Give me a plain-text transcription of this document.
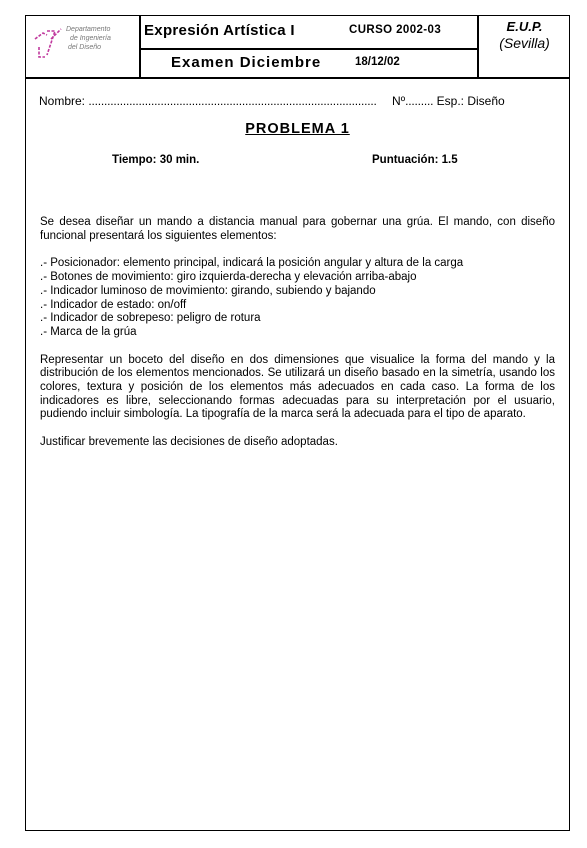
Departamento
de Ingeniería
del Diseño
Expresión Artística I	CURSO 2002-03
Examen Diciembre	18/12/02
E.U.P.
(Sevilla)
Nombre: ............................................................................................ Nº......... Esp.: Diseño
PROBLEMA 1
Tiempo: 30 min.	Puntuación: 1.5

Se desea diseñar un mando a distancia manual para gobernar una grúa. El mando, con diseño funcional presentará los siguientes elementos:

.- Posicionador: elemento principal, indicará la posición angular y altura de la carga
.- Botones de movimiento: giro izquierda-derecha y elevación arriba-abajo
.- Indicador luminoso de movimiento: girando, subiendo y bajando
.- Indicador de estado: on/off
.- Indicador de sobrepeso: peligro de rotura
.- Marca de la grúa

Representar un boceto del diseño en dos dimensiones que visualice la forma del mando y la distribución de los elementos mencionados. Se utilizará un diseño basado en la simetría, usando los colores, textura y posición de los elementos más adecuados en cada caso. La forma de los indicadores es libre, seleccionando formas adecuadas para su interpretación por el usuario, pudiendo incluir simbología. La tipografía de la marca será la adecuada para el tipo de aparato.

Justificar brevemente las decisiones de diseño adoptadas.
